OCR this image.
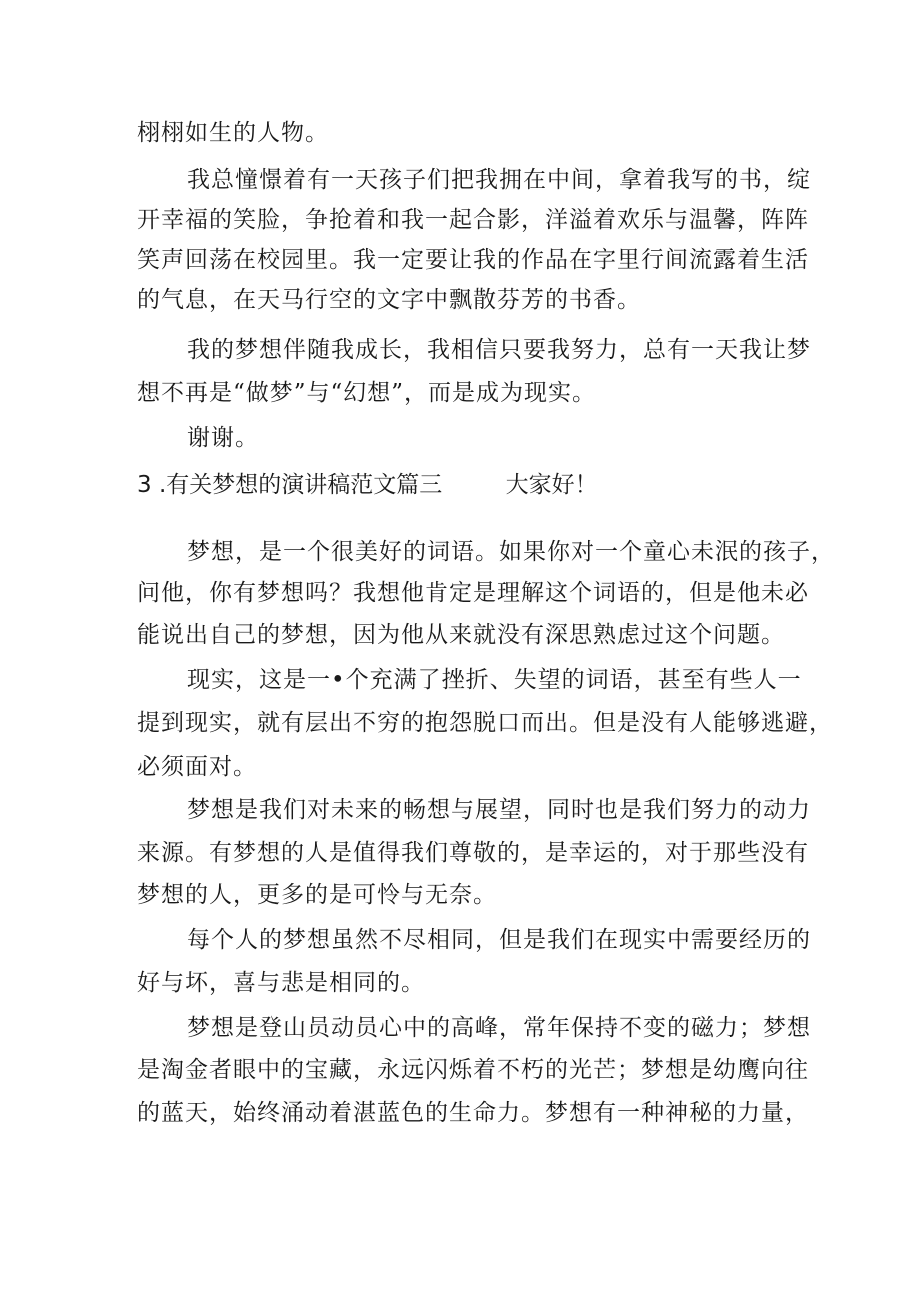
栩栩如生的人物。
我总憧憬着有一天孩子们把我拥在中间，拿着我写的书，绽
开幸福的笑脸，争抢着和我一起合影，洋溢着欢乐与温馨，阵阵
笑声回荡在校园里。我一定要让我的作品在字里行间流露着生活
的气息，在天马行空的文字中飘散芬芳的书香。
我的梦想伴随我成长，我相信只要我努力，总有一天我让梦
想不再是“做梦”与“幻想”，而是成为现实。
谢谢。
3 .有关梦想的演讲稿范文篇三	大家好！
梦想，是一个很美好的词语。如果你对一个童心未泯的孩子，
问他，你有梦想吗？我想他肯定是理解这个词语的，但是他未必
能说出自己的梦想，因为他从来就没有深思熟虑过这个问题。
现实，这是一•个充满了挫折、失望的词语，甚至有些人一
提到现实，就有层出不穷的抱怨脱口而出。但是没有人能够逃避，
必须面对。
梦想是我们对未来的畅想与展望，同时也是我们努力的动力
来源。有梦想的人是值得我们尊敬的，是幸运的，对于那些没有
梦想的人，更多的是可怜与无奈。
每个人的梦想虽然不尽相同，但是我们在现实中需要经历的
好与坏，喜与悲是相同的。
梦想是登山员动员心中的高峰，常年保持不变的磁力；梦想
是淘金者眼中的宝藏，永远闪烁着不朽的光芒；梦想是幼鹰向往
的蓝天，始终涌动着湛蓝色的生命力。梦想有一种神秘的力量，
